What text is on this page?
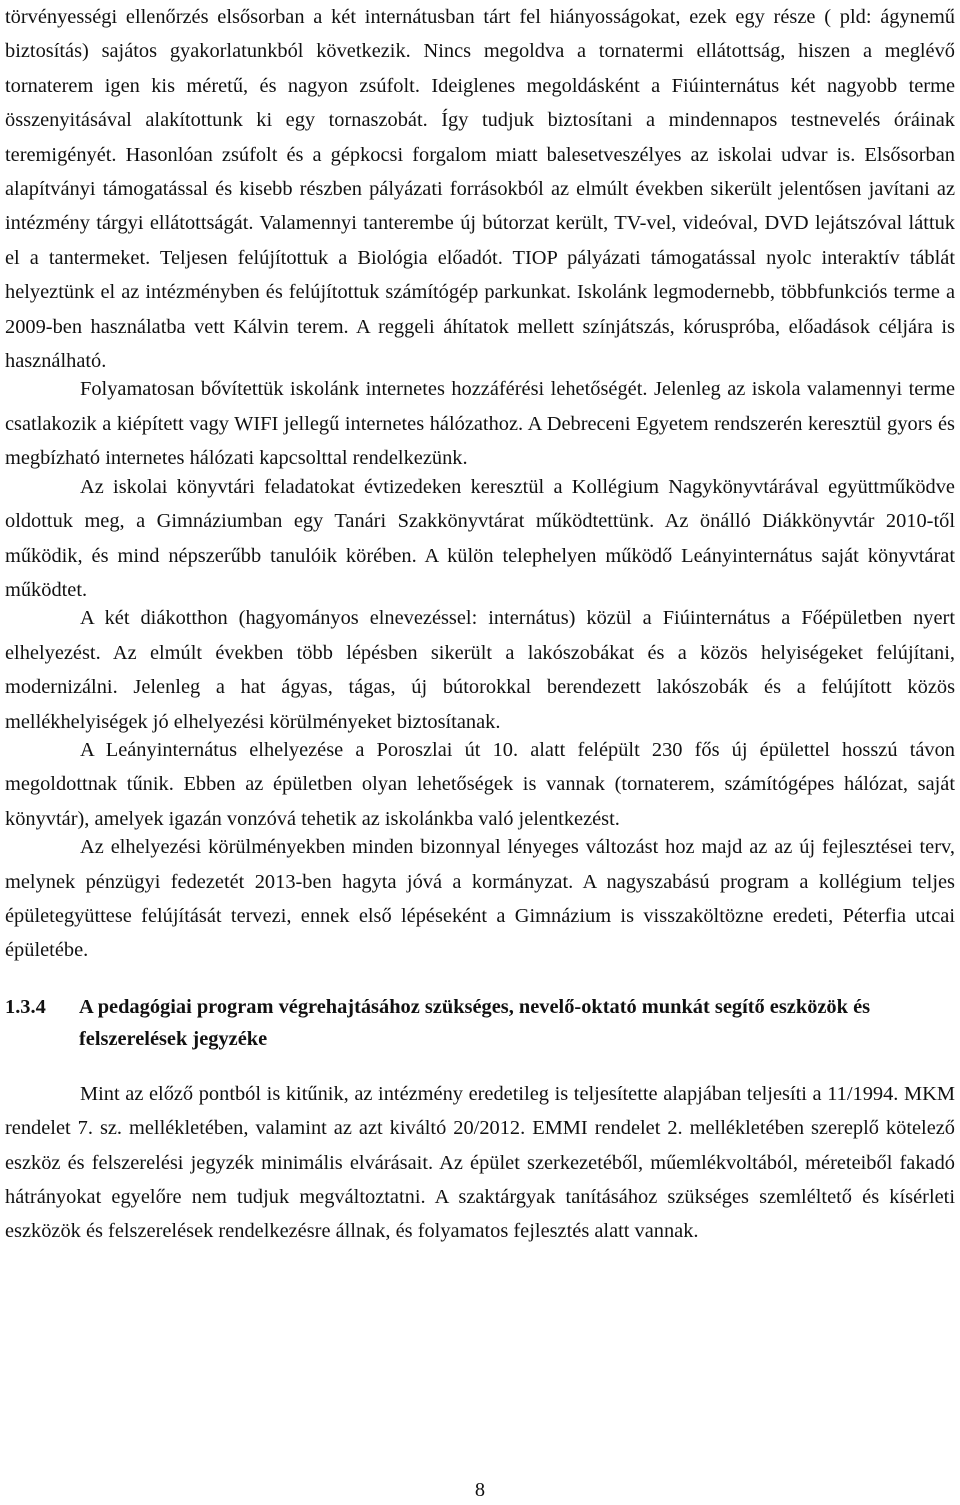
törvényességi ellenőrzés elsősorban a két internátusban tárt fel hiányosságokat, ezek egy része ( pld: ágynemű biztosítás) sajátos gyakorlatunkból következik. Nincs megoldva a tornatermi ellátottság, hiszen a meglévő tornaterem igen kis méretű, és nagyon zsúfolt. Ideiglenes megoldásként a Fiúinternátus két nagyobb terme összenyitásával alakítottunk ki egy tornaszobát. Így tudjuk biztosítani a mindennapos testnevelés óráinak teremigényét. Hasonlóan zsúfolt és a gépkocsi forgalom miatt balesetveszélyes az iskolai udvar is. Elsősorban alapítványi támogatással és kisebb részben pályázati forrásokból az elmúlt években sikerült jelentősen javítani az intézmény tárgyi ellátottságát. Valamennyi tanterembe új bútorzat került, TV-vel, videóval, DVD lejátszóval láttuk el a tantermeket. Teljesen felújítottuk a Biológia előadót. TIOP pályázati támogatással nyolc interaktív táblát helyeztünk el az intézményben és felújítottuk számítógép parkunkat. Iskolánk legmodernebb, többfunkciós terme a 2009-ben használatba vett Kálvin terem. A reggeli áhítatok mellett színjátszás, kóruspróba, előadások céljára is használható.

Folyamatosan bővítettük iskolánk internetes hozzáférési lehetőségét. Jelenleg az iskola valamennyi terme csatlakozik a kiépített vagy WIFI jellegű internetes hálózathoz. A Debreceni Egyetem rendszerén keresztül gyors és megbízható internetes hálózati kapcsolttal rendelkezünk.

Az iskolai könyvtári feladatokat évtizedeken keresztül a Kollégium Nagykönyvtárával együttműködve oldottuk meg, a Gimnáziumban egy Tanári Szakkönyvtárat működtettünk. Az önálló Diákkönyvtár 2010-től működik, és mind népszerűbb tanulóik körében. A külön telephelyen működő Leányinternátus saját könyvtárat működtet.

A két diákotthon (hagyományos elnevezéssel: internátus) közül a Fiúinternátus a Főépületben nyert elhelyezést. Az elmúlt években több lépésben sikerült a lakószobákat és a közös helyiségeket felújítani, modernizálni. Jelenleg a hat ágyas, tágas, új bútorokkal berendezett lakószobák és a felújított közös mellékhelyiségek jó elhelyezési körülményeket biztosítanak.

A Leányinternátus elhelyezése a Poroszlai út 10. alatt felépült 230 fős új épülettel hosszú távon megoldottnak tűnik. Ebben az épületben olyan lehetőségek is vannak (tornaterem, számítógépes hálózat, saját könyvtár), amelyek igazán vonzóvá tehetik az iskolánkba való jelentkezést.

Az elhelyezési körülményekben minden bizonnyal lényeges változást hoz majd az az új fejlesztései terv, melynek pénzügyi fedezetét 2013-ben hagyta jóvá a kormányzat. A nagyszabású program a kollégium teljes épületegyüttese felújítását tervezi, ennek első lépéseként a Gimnázium is visszaköltözne eredeti, Péterfia utcai épületébe.

1.3.4	A pedagógiai program végrehajtásához szükséges, nevelő-oktató munkát segítő eszközök és felszerelések jegyzéke

Mint az előző pontból is kitűnik, az intézmény eredetileg is teljesítette alapjában teljesíti a 11/1994. MKM rendelet 7. sz. mellékletében, valamint az azt kiváltó 20/2012. EMMI rendelet 2. mellékletében szereplő kötelező eszköz és felszerelési jegyzék minimális elvárásait. Az épület szerkezetéből, műemlékvoltából, méreteiből fakadó hátrányokat egyelőre nem tudjuk megváltoztatni. A szaktárgyak tanításához szükséges szemléltető és kísérleti eszközök és felszerelések rendelkezésre állnak, és folyamatos fejlesztés alatt vannak.

8
